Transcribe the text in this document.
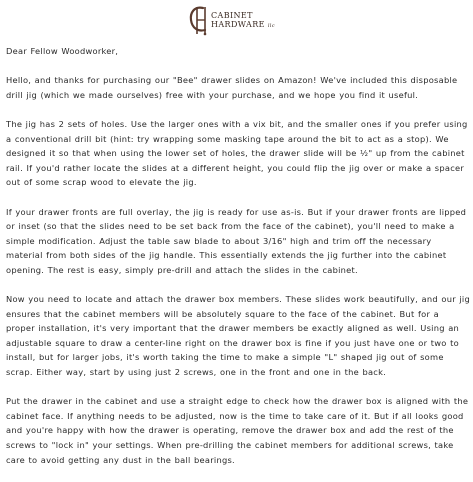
CABINET
HARDWARE llc

Dear Fellow Woodworker,

Hello, and thanks for purchasing our "Bee" drawer slides on Amazon! We've included this disposable drill jig (which we made ourselves) free with your purchase, and we hope you find it useful.

The jig has 2 sets of holes. Use the larger ones with a vix bit, and the smaller ones if you prefer using a conventional drill bit (hint: try wrapping some masking tape around the bit to act as a stop). We designed it so that when using the lower set of holes, the drawer slide will be ½" up from the cabinet rail. If you'd rather locate the slides at a different height, you could flip the jig over or make a spacer out of some scrap wood to elevate the jig.

If your drawer fronts are full overlay, the jig is ready for use as-is. But if your drawer fronts are lipped or inset (so that the slides need to be set back from the face of the cabinet), you'll need to make a simple modification. Adjust the table saw blade to about 3/16" high and trim off the necessary material from both sides of the jig handle. This essentially extends the jig further into the cabinet opening. The rest is easy, simply pre-drill and attach the slides in the cabinet.

Now you need to locate and attach the drawer box members. These slides work beautifully, and our jig ensures that the cabinet members will be absolutely square to the face of the cabinet. But for a proper installation, it's very important that the drawer members be exactly aligned as well. Using an adjustable square to draw a center-line right on the drawer box is fine if you just have one or two to install, but for larger jobs, it's worth taking the time to make a simple "L" shaped jig out of some scrap. Either way, start by using just 2 screws, one in the front and one in the back.

Put the drawer in the cabinet and use a straight edge to check how the drawer box is aligned with the cabinet face. If anything needs to be adjusted, now is the time to take care of it. But if all looks good and you're happy with how the drawer is operating, remove the drawer box and add the rest of the screws to "lock in" your settings. When pre-drilling the cabinet members for additional screws, take care to avoid getting any dust in the ball bearings.
